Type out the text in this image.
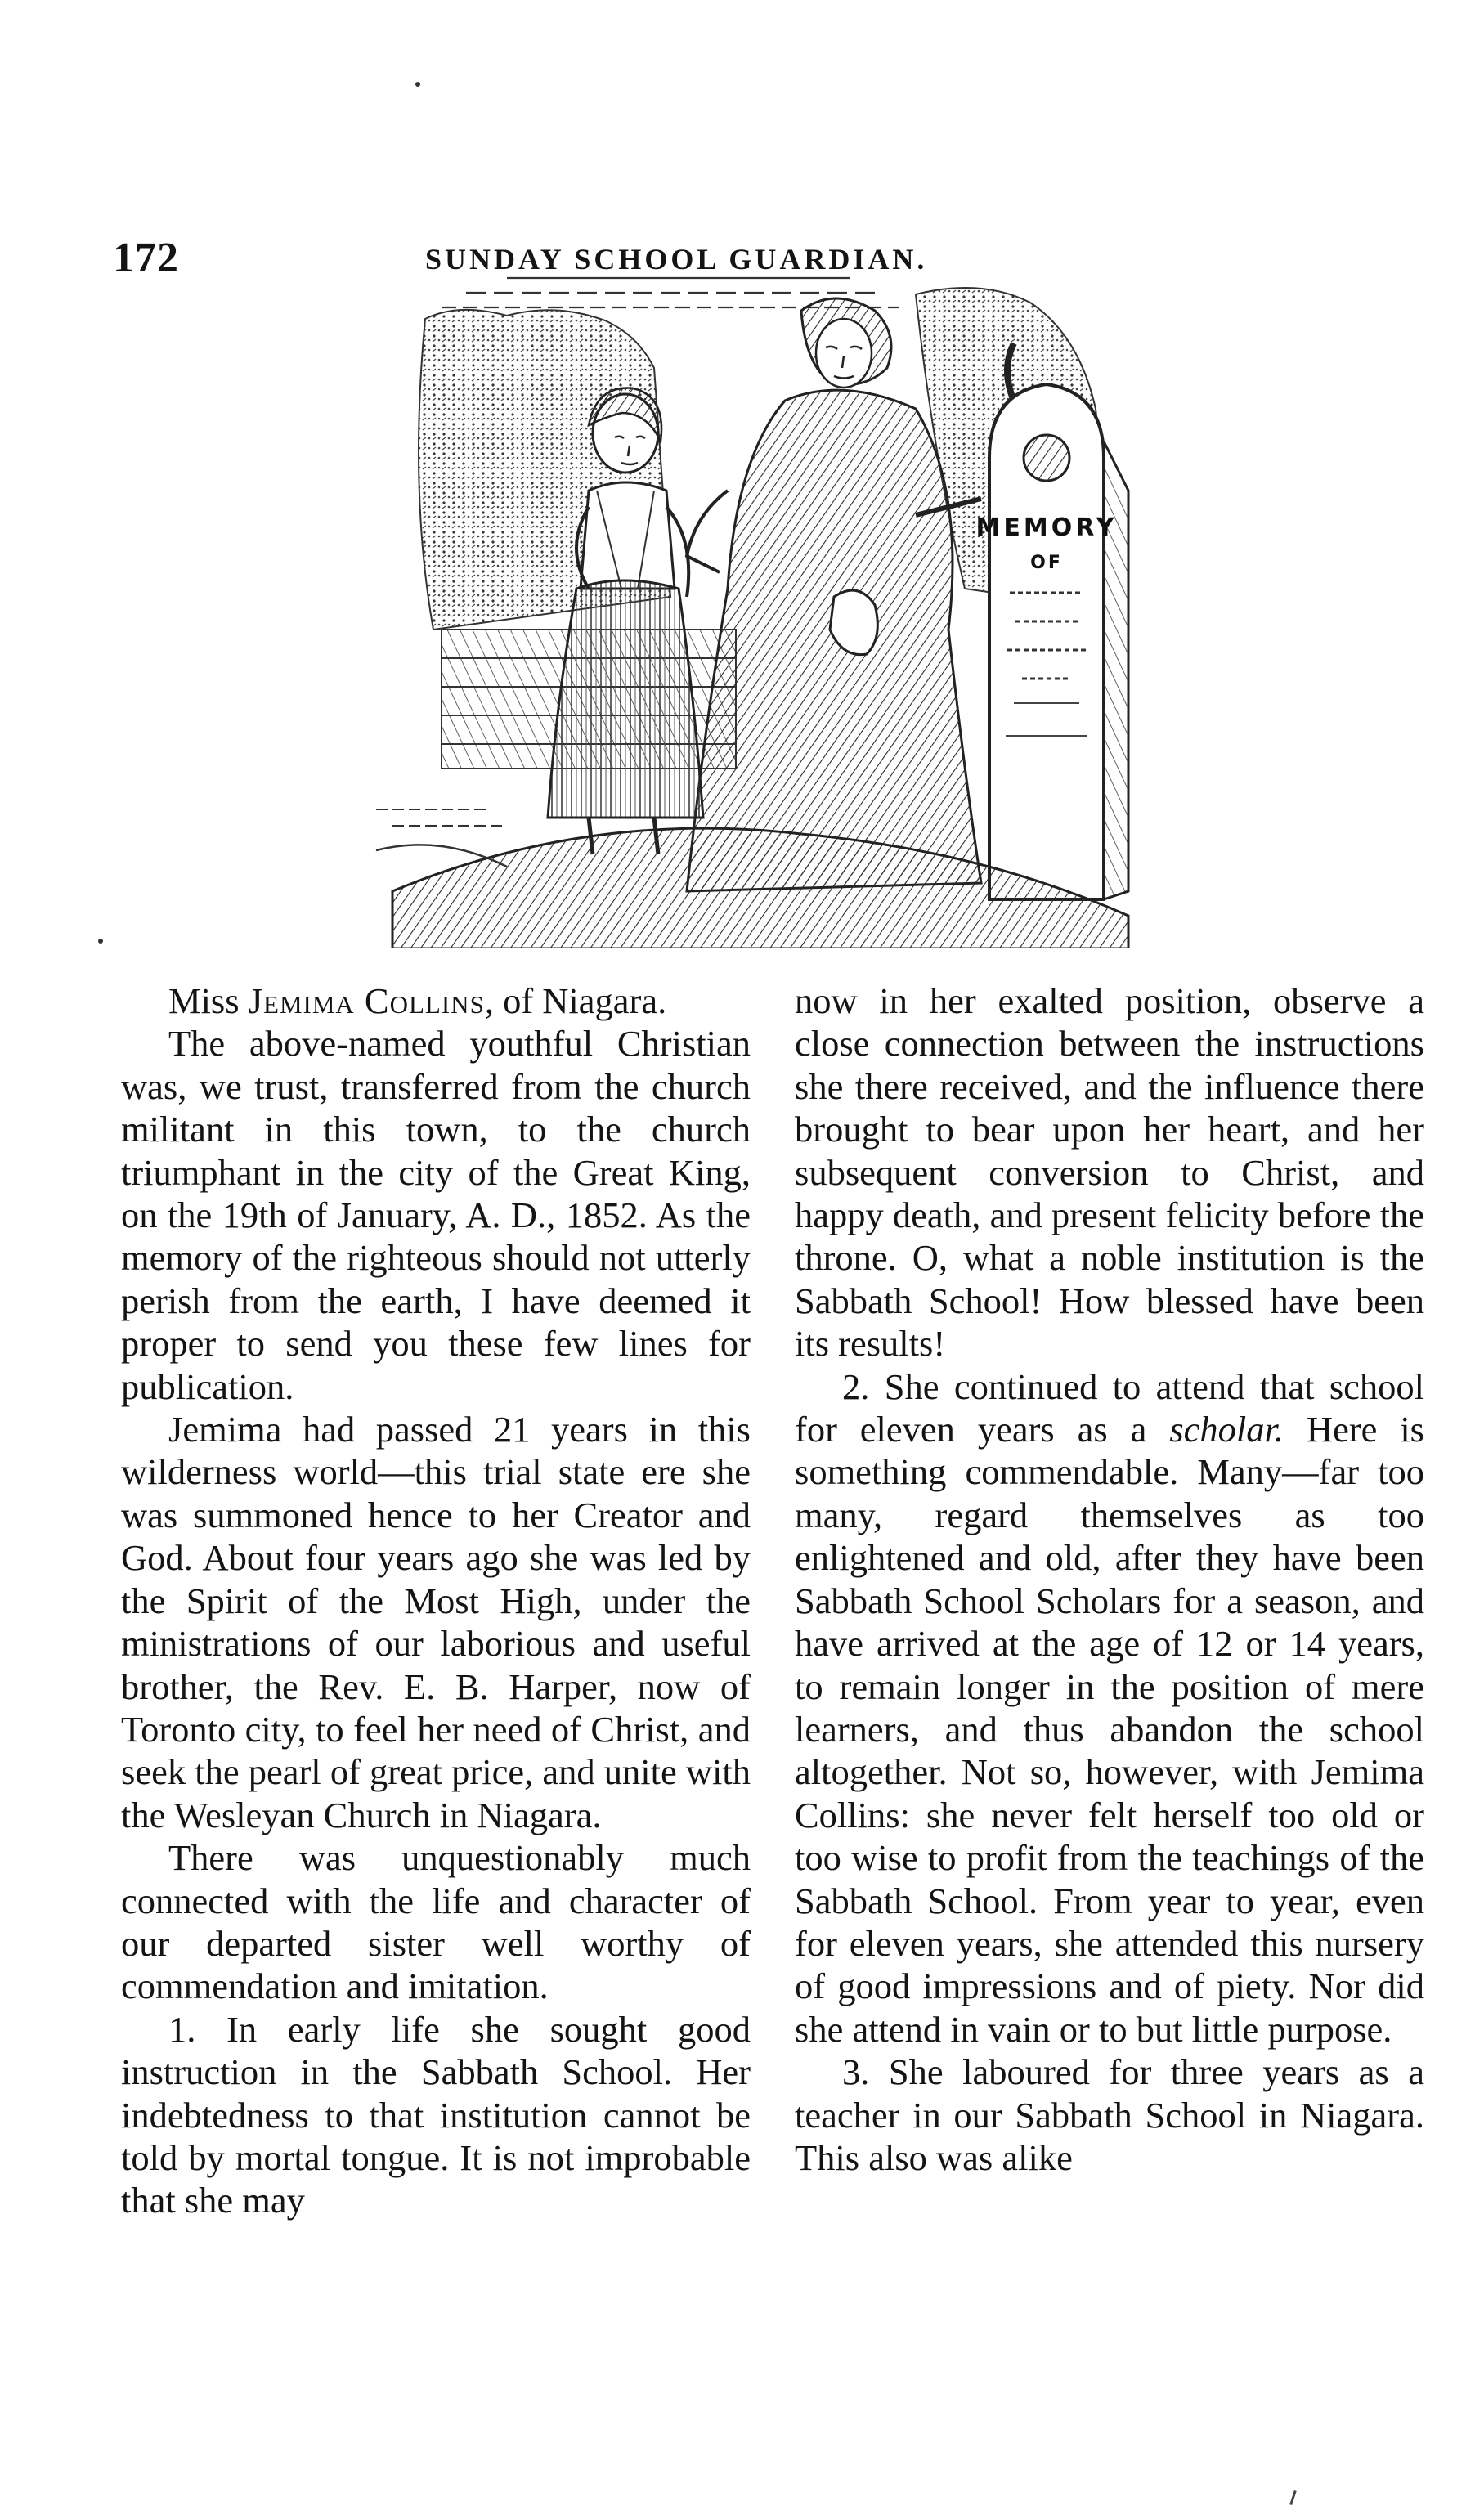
172	SUNDAY SCHOOL GUARDIAN.
MEMORY
OF

Miss Jemima Collins, of Niagara.

The above-named youthful Christian was, we trust, transferred from the church militant in this town, to the church triumphant in the city of the Great King, on the 19th of January, A. D., 1852. As the memory of the righteous should not utterly perish from the earth, I have deemed it proper to send you these few lines for publication.

Jemima had passed 21 years in this wilderness world—this trial state ere she was summoned hence to her Creator and God. About four years ago she was led by the Spirit of the Most High, under the ministrations of our laborious and useful brother, the Rev. E. B. Harper, now of Toronto city, to feel her need of Christ, and seek the pearl of great price, and unite with the Wesleyan Church in Niagara.

There was unquestionably much connected with the life and character of our departed sister well worthy of commendation and imitation.

1. In early life she sought good instruction in the Sabbath School. Her indebtedness to that institution cannot be told by mortal tongue. It is not improbable that she may

now in her exalted position, observe a close connection between the instructions she there received, and the influence there brought to bear upon her heart, and her subsequent conversion to Christ, and happy death, and present felicity before the throne. O, what a noble institution is the Sabbath School! How blessed have been its results!

2. She continued to attend that school for eleven years as a scholar. Here is something commendable. Many—far too many, regard themselves as too enlightened and old, after they have been Sabbath School Scholars for a season, and have arrived at the age of 12 or 14 years, to remain longer in the position of mere learners, and thus abandon the school altogether. Not so, however, with Jemima Collins: she never felt herself too old or too wise to profit from the teachings of the Sabbath School. From year to year, even for eleven years, she attended this nursery of good impressions and of piety. Nor did she attend in vain or to but little purpose.

3. She laboured for three years as a teacher in our Sabbath School in Niagara. This also was alike
